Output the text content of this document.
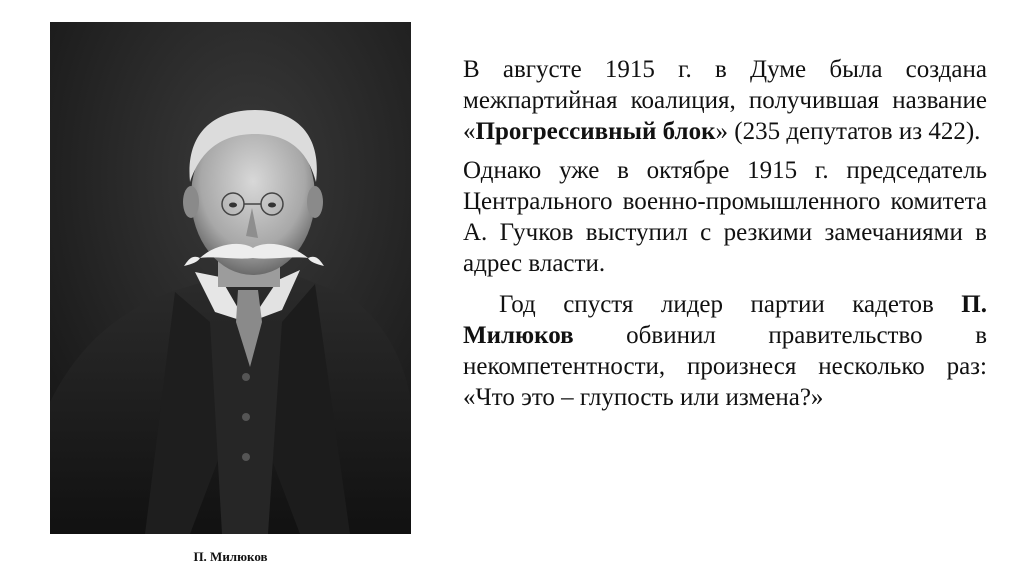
П. Милюков

В августе 1915 г. в Думе была создана межпартийная коалиция, получившая название «Прогрессивный блок» (235 депутатов из 422).

Однако уже в октябре 1915 г. председатель Центрального военно-промышленного комитета А. Гучков выступил с резкими замечаниями в адрес власти.

Год спустя лидер партии кадетов П. Милюков обвинил правительство в некомпетентности, произнеся несколько раз: «Что это – глупость или измена?»
